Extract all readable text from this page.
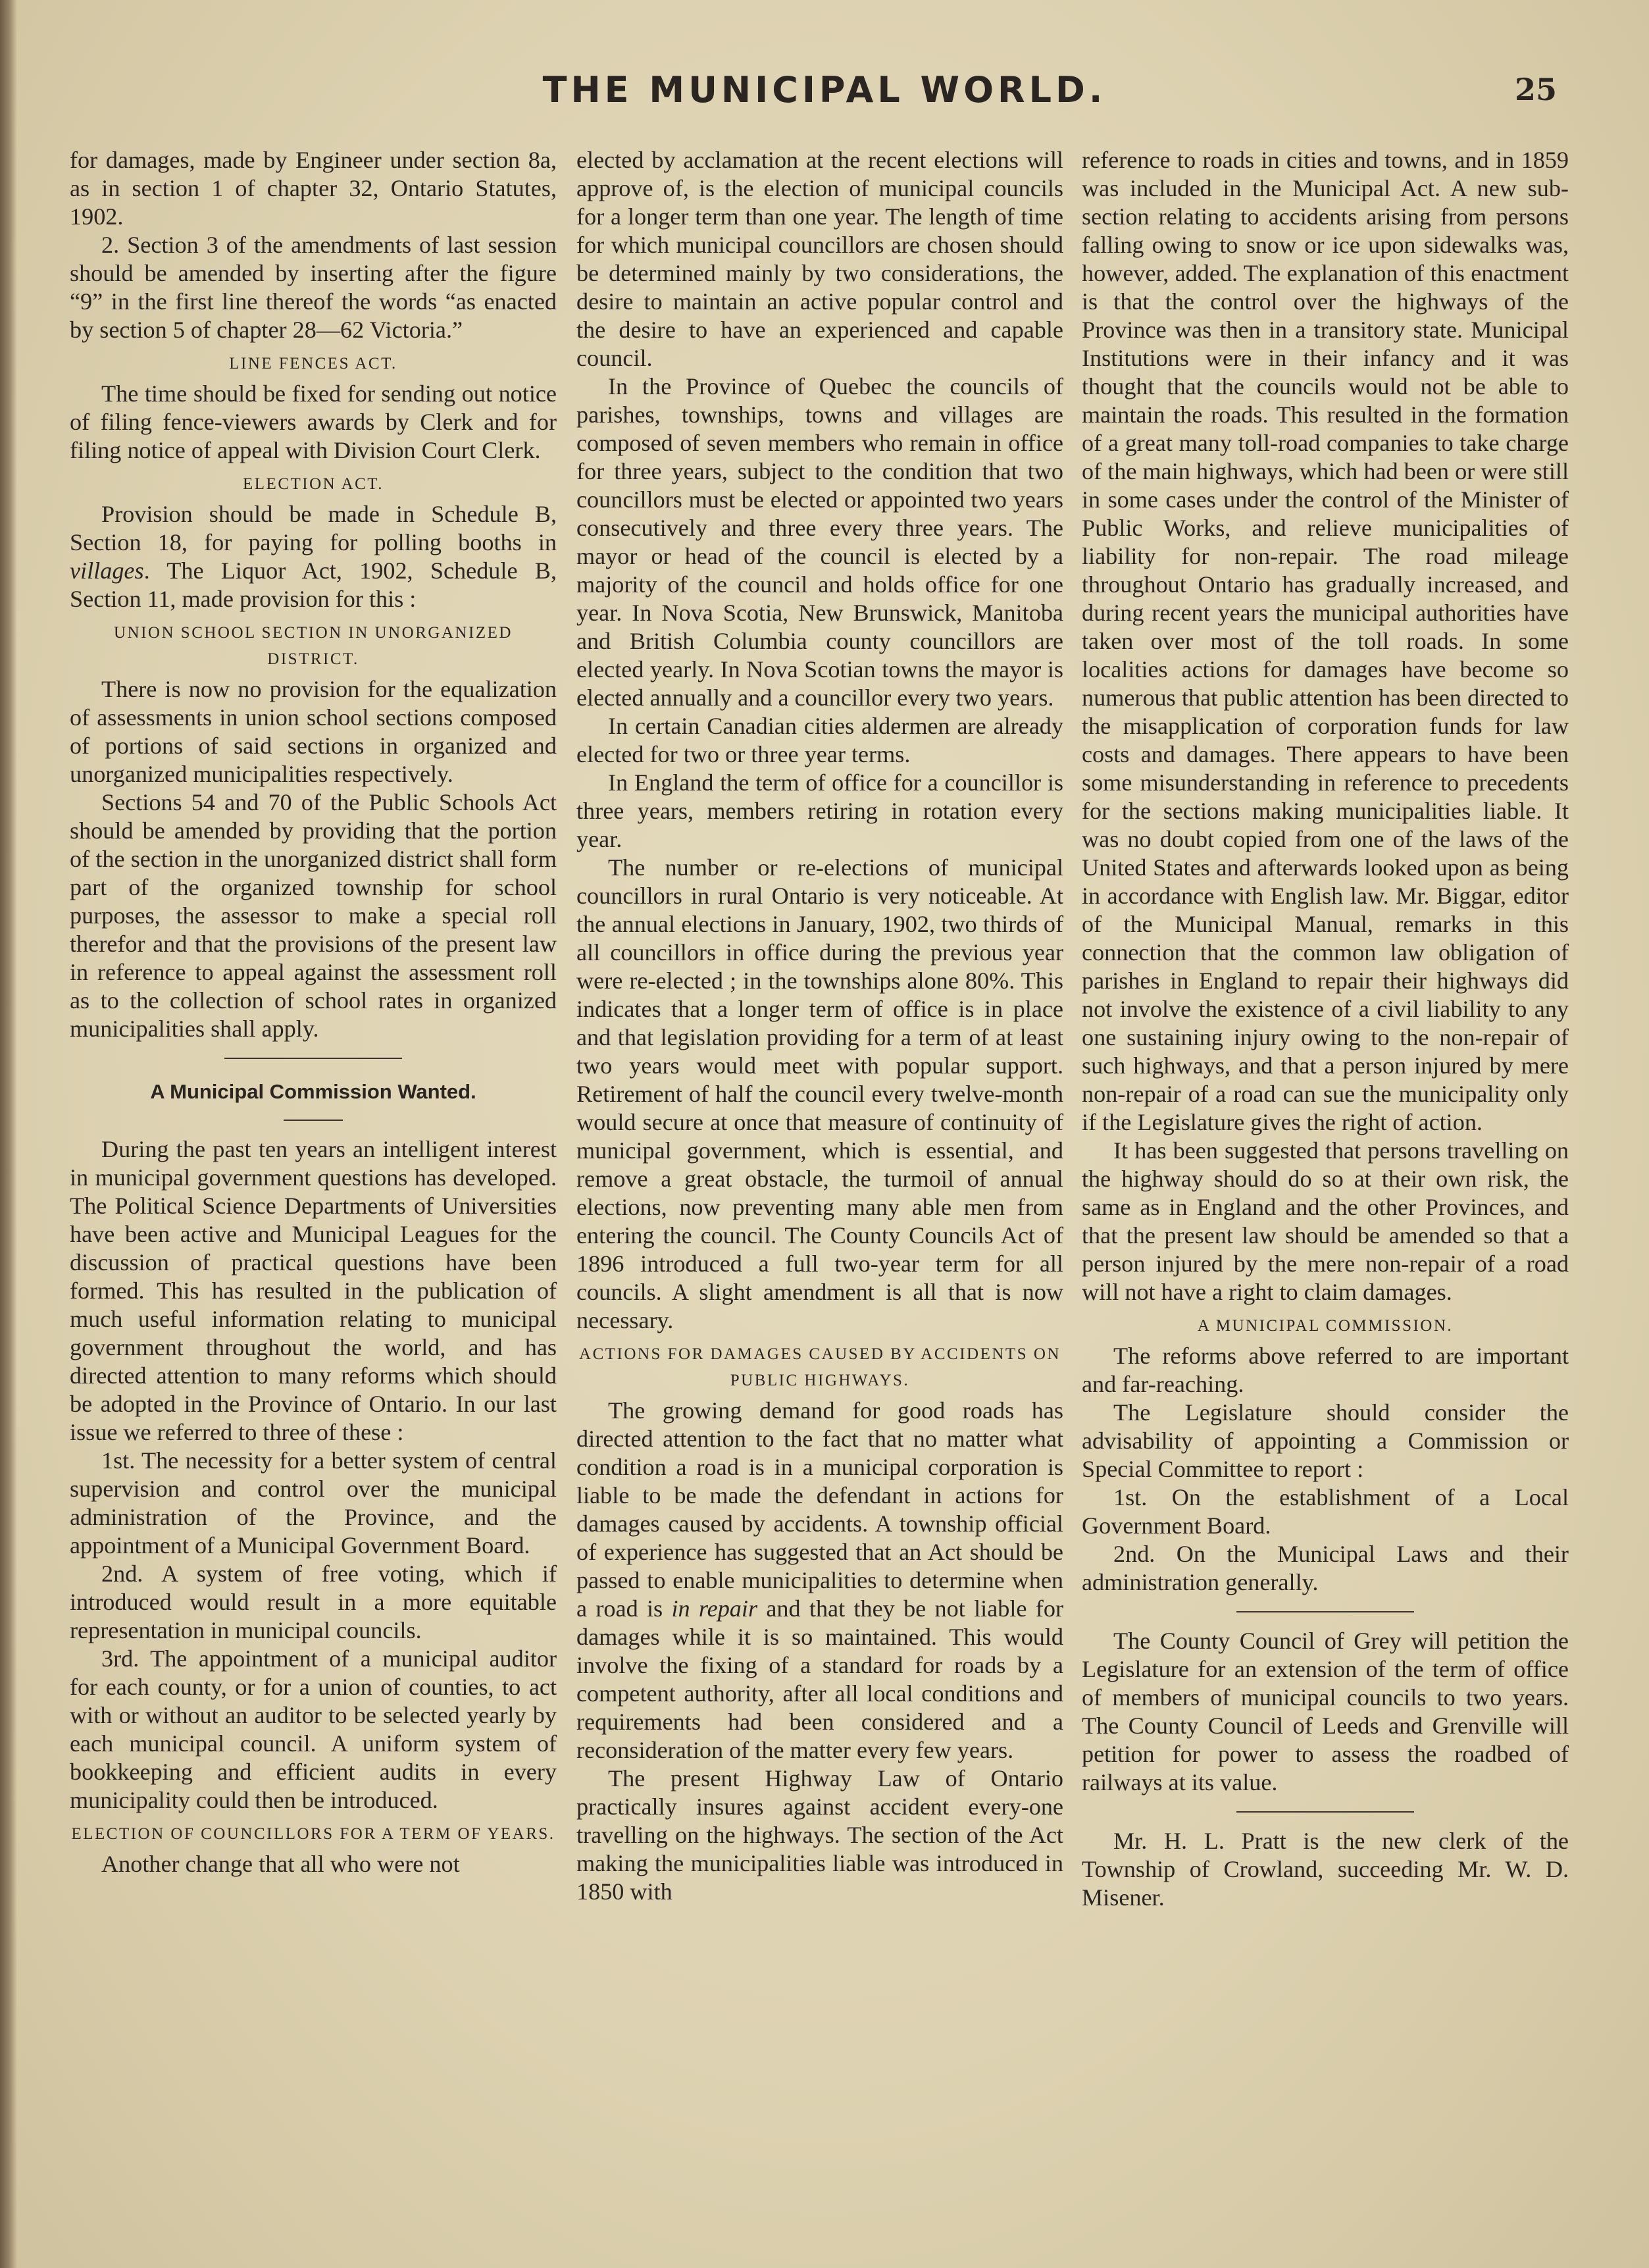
THE MUNICIPAL WORLD.	25

for damages, made by Engineer under section 8a, as in section 1 of chapter 32, Ontario Statutes, 1902.

2. Section 3 of the amendments of last session should be amended by inserting after the figure “9” in the first line thereof the words “as enacted by section 5 of chapter 28—62 Victoria.”

LINE FENCES ACT.

The time should be fixed for sending out notice of filing fence-viewers awards by Clerk and for filing notice of appeal with Division Court Clerk.

ELECTION ACT.

Provision should be made in Schedule B, Section 18, for paying for polling booths in villages. The Liquor Act, 1902, Schedule B, Section 11, made provision for this :

UNION SCHOOL SECTION IN UNORGANIZED DISTRICT.

There is now no provision for the equalization of assessments in union school sections composed of portions of said sections in organized and unorganized municipalities respectively.

Sections 54 and 70 of the Public Schools Act should be amended by providing that the portion of the section in the unorganized district shall form part of the organized township for school purposes, the assessor to make a special roll therefor and that the provisions of the present law in reference to appeal against the assessment roll as to the collection of school rates in organized municipalities shall apply.

A Municipal Commission Wanted.

During the past ten years an intelligent interest in municipal government questions has developed. The Political Science Departments of Universities have been active and Municipal Leagues for the discussion of practical questions have been formed. This has resulted in the publication of much useful information relating to municipal government throughout the world, and has directed attention to many reforms which should be adopted in the Province of Ontario. In our last issue we referred to three of these :

1st. The necessity for a better system of central supervision and control over the municipal administration of the Province, and the appointment of a Municipal Government Board.

2nd. A system of free voting, which if introduced would result in a more equitable representation in municipal councils.

3rd. The appointment of a municipal auditor for each county, or for a union of counties, to act with or without an auditor to be selected yearly by each municipal council. A uniform system of bookkeeping and efficient audits in every municipality could then be introduced.

ELECTION OF COUNCILLORS FOR A TERM OF YEARS.

Another change that all who were not

elected by acclamation at the recent elections will approve of, is the election of municipal councils for a longer term than one year. The length of time for which municipal councillors are chosen should be determined mainly by two considerations, the desire to maintain an active popular control and the desire to have an experienced and capable council.

In the Province of Quebec the councils of parishes, townships, towns and villages are composed of seven members who remain in office for three years, subject to the condition that two councillors must be elected or appointed two years consecutively and three every three years. The mayor or head of the council is elected by a majority of the council and holds office for one year. In Nova Scotia, New Brunswick, Manitoba and British Columbia county councillors are elected yearly. In Nova Scotian towns the mayor is elected annually and a councillor every two years.

In certain Canadian cities aldermen are already elected for two or three year terms.

In England the term of office for a councillor is three years, members retiring in rotation every year.

The number or re-elections of municipal councillors in rural Ontario is very noticeable. At the annual elections in January, 1902, two thirds of all councillors in office during the previous year were re-elected ; in the townships alone 80%. This indicates that a longer term of office is in place and that legislation providing for a term of at least two years would meet with popular support. Retirement of half the council every twelve-month would secure at once that measure of continuity of municipal government, which is essential, and remove a great obstacle, the turmoil of annual elections, now preventing many able men from entering the council. The County Councils Act of 1896 introduced a full two-year term for all councils. A slight amendment is all that is now necessary.

ACTIONS FOR DAMAGES CAUSED BY ACCIDENTS ON PUBLIC HIGHWAYS.

The growing demand for good roads has directed attention to the fact that no matter what condition a road is in a municipal corporation is liable to be made the defendant in actions for damages caused by accidents. A township official of experience has suggested that an Act should be passed to enable municipalities to determine when a road is in repair and that they be not liable for damages while it is so maintained. This would involve the fixing of a standard for roads by a competent authority, after all local conditions and requirements had been considered and a reconsideration of the matter every few years.

The present Highway Law of Ontario practically insures against accident every-one travelling on the highways. The section of the Act making the municipalities liable was introduced in 1850 with

reference to roads in cities and towns, and in 1859 was included in the Municipal Act. A new sub-section relating to accidents arising from persons falling owing to snow or ice upon sidewalks was, however, added. The explanation of this enactment is that the control over the highways of the Province was then in a transitory state. Municipal Institutions were in their infancy and it was thought that the councils would not be able to maintain the roads. This resulted in the formation of a great many toll-road companies to take charge of the main highways, which had been or were still in some cases under the control of the Minister of Public Works, and relieve municipalities of liability for non-repair. The road mileage throughout Ontario has gradually increased, and during recent years the municipal authorities have taken over most of the toll roads. In some localities actions for damages have become so numerous that public attention has been directed to the misapplication of corporation funds for law costs and damages. There appears to have been some misunderstanding in reference to precedents for the sections making municipalities liable. It was no doubt copied from one of the laws of the United States and afterwards looked upon as being in accordance with English law. Mr. Biggar, editor of the Municipal Manual, remarks in this connection that the common law obligation of parishes in England to repair their highways did not involve the existence of a civil liability to any one sustaining injury owing to the non-repair of such highways, and that a person injured by mere non-repair of a road can sue the municipality only if the Legislature gives the right of action.

It has been suggested that persons travelling on the highway should do so at their own risk, the same as in England and the other Provinces, and that the present law should be amended so that a person injured by the mere non-repair of a road will not have a right to claim damages.

A MUNICIPAL COMMISSION.

The reforms above referred to are important and far-reaching.

The Legislature should consider the advisability of appointing a Commission or Special Committee to report :

1st. On the establishment of a Local Government Board.

2nd. On the Municipal Laws and their administration generally.

The County Council of Grey will petition the Legislature for an extension of the term of office of members of municipal councils to two years. The County Council of Leeds and Grenville will petition for power to assess the roadbed of railways at its value.

Mr. H. L. Pratt is the new clerk of the Township of Crowland, succeeding Mr. W. D. Misener.
